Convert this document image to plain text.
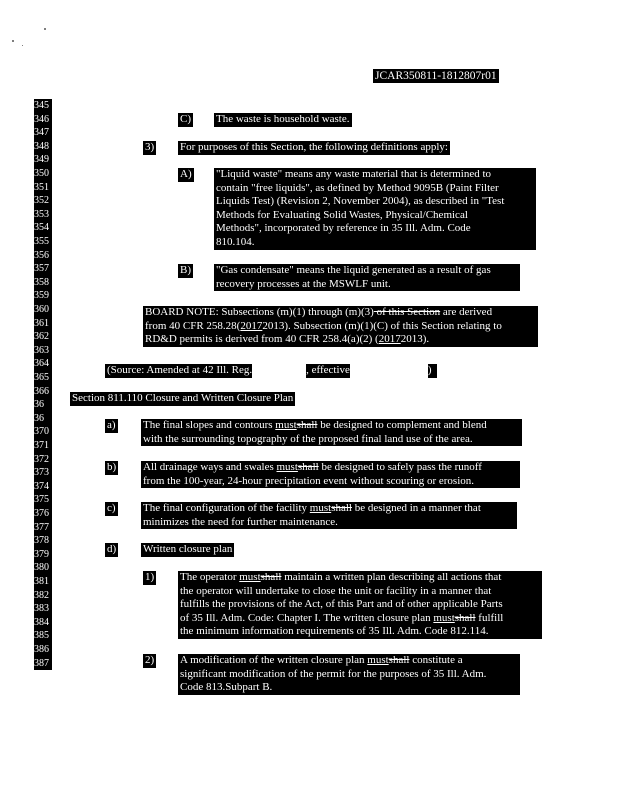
JCAR350811-1812807r01
345
346
347
348
349
350
351
352
353
354
355
356
357
358
359
360
361
362
363
364
365
366
36
36
370
371
372
373
374
375
376
377
378
379
380
381
382
383
384
385
386
387
C) The waste is household waste.
3) For purposes of this Section, the following definitions apply:
A) "Liquid waste" means any waste material that is determined to
contain "free liquids", as defined by Method 9095B (Paint Filter
Liquids Test) (Revision 2, November 2004), as described in "Test
Methods for Evaluating Solid Wastes, Physical/Chemical
Methods", incorporated by reference in 35 Ill. Adm. Code
810.104.
B) "Gas condensate" means the liquid generated as a result of gas
recovery processes at the MSWLF unit.
BOARD NOTE: Subsections (m)(1) through (m)(3) of this Section are derived
from 40 CFR 258.28(20172013). Subsection (m)(1)(C) of this Section relating to
RD&D permits is derived from 40 CFR 258.4(a)(2) (20172013).
(Source: Amended at 42 Ill. Reg.	, effective	)
Section 811.110 Closure and Written Closure Plan
a) The final slopes and contours mustshall be designed to complement and blend
with the surrounding topography of the proposed final land use of the area.
b) All drainage ways and swales mustshall be designed to safely pass the runoff
from the 100-year, 24-hour precipitation event without scouring or erosion.
c) The final configuration of the facility mustshall be designed in a manner that
minimizes the need for further maintenance.
d) Written closure plan
1) The operator mustshall maintain a written plan describing all actions that
the operator will undertake to close the unit or facility in a manner that
fulfills the provisions of the Act, of this Part and of other applicable Parts
of 35 Ill. Adm. Code: Chapter I. The written closure plan mustshall fulfill
the minimum information requirements of 35 Ill. Adm. Code 812.114.
2) A modification of the written closure plan mustshall constitute a
significant modification of the permit for the purposes of 35 Ill. Adm.
Code 813.Subpart B.
